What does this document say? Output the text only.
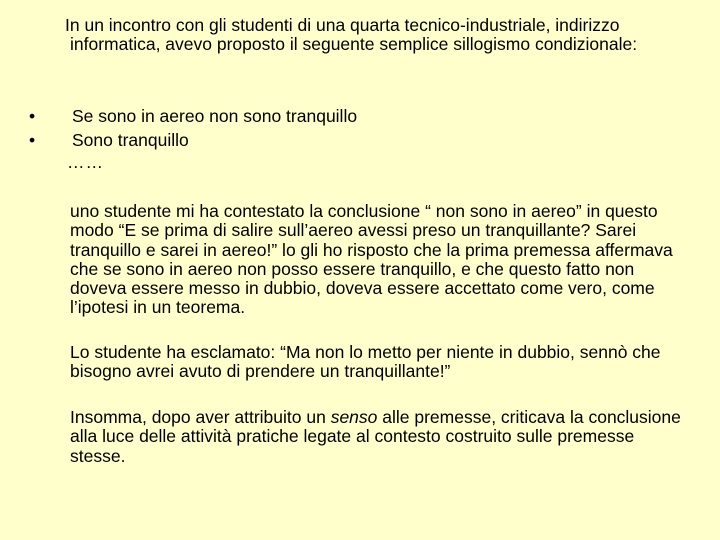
In un incontro con gli studenti di una quarta tecnico-industriale, indirizzo informatica, avevo proposto il seguente semplice sillogismo condizionale:

• Se sono in aereo non sono tranquillo
• Sono tranquillo
……

uno studente mi ha contestato la conclusione “ non sono in aereo” in questo modo “E se prima di salire sull’aereo avessi preso un tranquillante? Sarei tranquillo e sarei in aereo!” lo gli ho risposto che la prima premessa affermava che se sono in aereo non posso essere tranquillo, e che questo fatto non doveva essere messo in dubbio, doveva essere accettato come vero, come l’ipotesi in un teorema.

Lo studente ha esclamato: “Ma non lo metto per niente in dubbio, sennò che bisogno avrei avuto di prendere un tranquillante!”

Insomma, dopo aver attribuito un senso alle premesse, criticava la conclusione alla luce delle attività pratiche legate al contesto costruito sulle premesse stesse.
